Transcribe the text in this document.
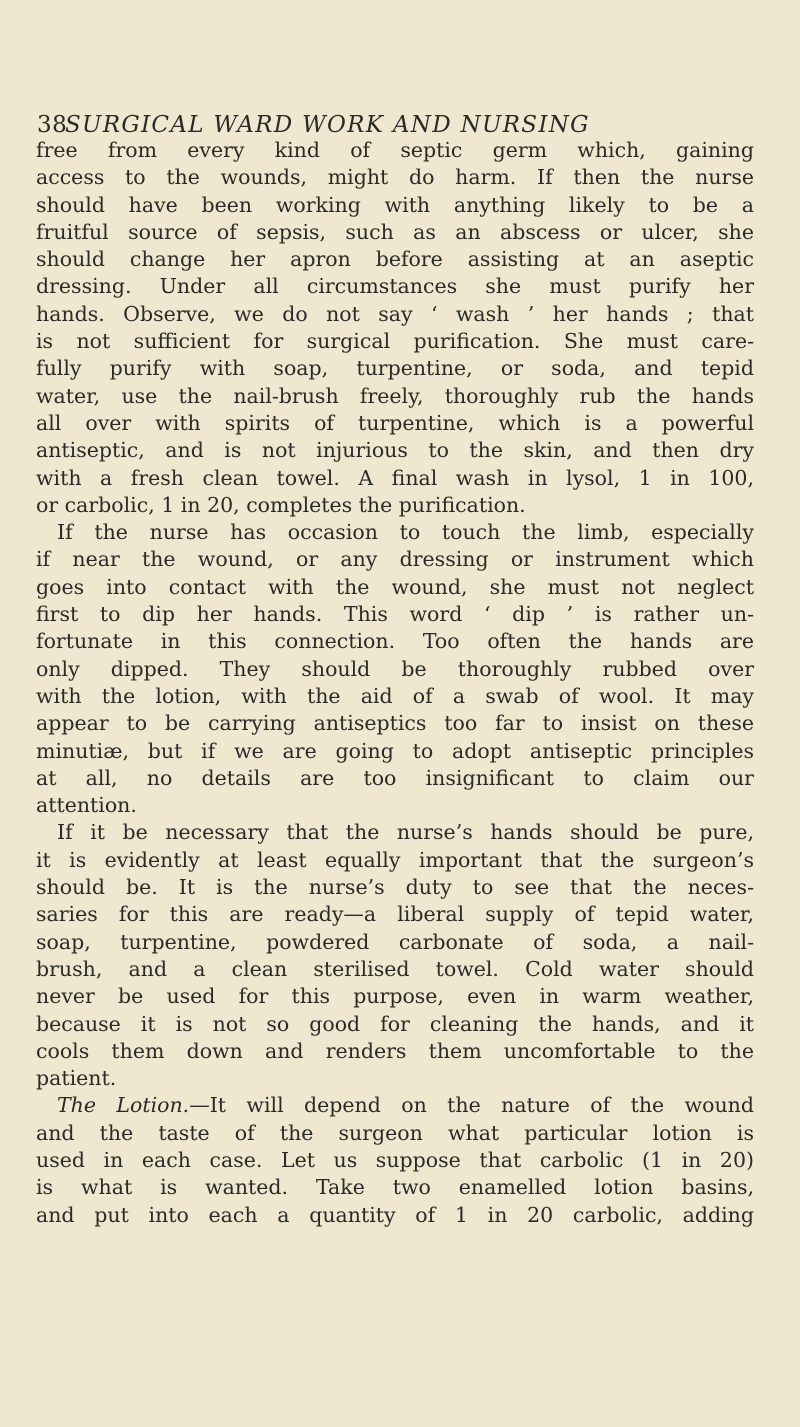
38
SURGICAL WARD WORK AND NURSING
free from every kind of septic germ which, gaining
access to the wounds, might do harm. If then the nurse
should have been working with anything likely to be a
fruitful source of sepsis, such as an abscess or ulcer, she
should change her apron before assisting at an aseptic
dressing. Under all circumstances she must purify her
hands. Observe, we do not say ‘ wash ’ her hands ; that
is not sufficient for surgical purification. She must care-
fully purify with soap, turpentine, or soda, and tepid
water, use the nail-brush freely, thoroughly rub the hands
all over with spirits of turpentine, which is a powerful
antiseptic, and is not injurious to the skin, and then dry
with a fresh clean towel. A final wash in lysol, 1 in 100,
or carbolic, 1 in 20, completes the purification.
If the nurse has occasion to touch the limb, especially
if near the wound, or any dressing or instrument which
goes into contact with the wound, she must not neglect
first to dip her hands. This word ‘ dip ’ is rather un-
fortunate in this connection. Too often the hands are
only dipped. They should be thoroughly rubbed over
with the lotion, with the aid of a swab of wool. It may
appear to be carrying antiseptics too far to insist on these
minutiæ, but if we are going to adopt antiseptic principles
at all, no details are too insignificant to claim our
attention.
If it be necessary that the nurse’s hands should be pure,
it is evidently at least equally important that the surgeon’s
should be. It is the nurse’s duty to see that the neces-
saries for this are ready—a liberal supply of tepid water,
soap, turpentine, powdered carbonate of soda, a nail-
brush, and a clean sterilised towel. Cold water should
never be used for this purpose, even in warm weather,
because it is not so good for cleaning the hands, and it
cools them down and renders them uncomfortable to the
patient.
The Lotion.—It will depend on the nature of the wound
and the taste of the surgeon what particular lotion is
used in each case. Let us suppose that carbolic (1 in 20)
is what is wanted. Take two enamelled lotion basins,
and put into each a quantity of 1 in 20 carbolic, adding
